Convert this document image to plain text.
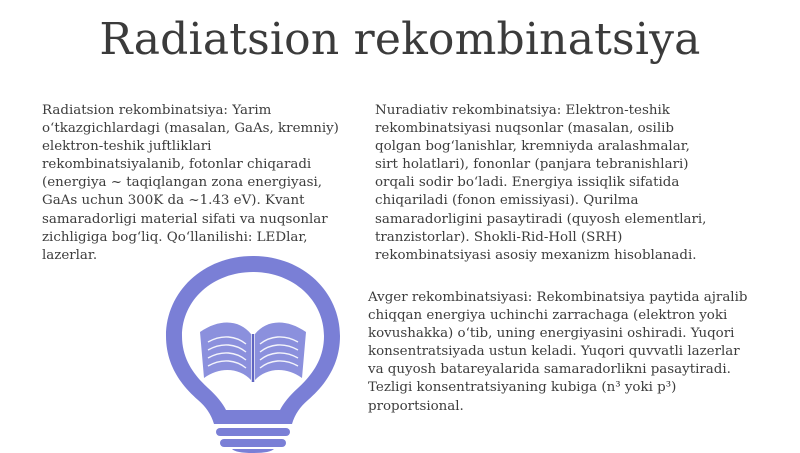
Radiatsion rekombinatsiya
Radiatsion rekombinatsiya: Yarim oʻtkazgichlardagi (masalan, GaAs, kremniy) elektron-teshik juftliklari rekombinatsiyalanib, fotonlar chiqaradi (energiya ~ taqiqlangan zona energiyasi, GaAs uchun 300K da ~1.43 eV). Kvant samaradorligi material sifati va nuqsonlar zichligiga bogʻliq. Qoʻllanilishi: LEDlar, lazerlar.
Nuradiativ rekombinatsiya: Elektron-teshik rekombinatsiyasi nuqsonlar (masalan, osilib qolgan bogʻlanishlar, kremniyda aralashmalar, sirt holatlari), fononlar (panjara tebranishlari) orqali sodir boʻladi. Energiya issiqlik sifatida chiqariladi (fonon emissiyasi). Qurilma samaradorligini pasaytiradi (quyosh elementlari, tranzistorlar). Shokli-Rid-Holl (SRH) rekombinatsiyasi asosiy mexanizm hisoblanadi.
Avger rekombinatsiyasi: Rekombinatsiya paytida ajralib chiqqan energiya uchinchi zarrachaga (elektron yoki kovushakka) oʻtib, uning energiyasini oshiradi. Yuqori konsentratsiyada ustun keladi. Yuqori quvvatli lazerlar va quyosh batareyalarida samaradorlikni pasaytiradi. Tezligi konsentratsiyaning kubiga (n³ yoki p³) proportsional.
